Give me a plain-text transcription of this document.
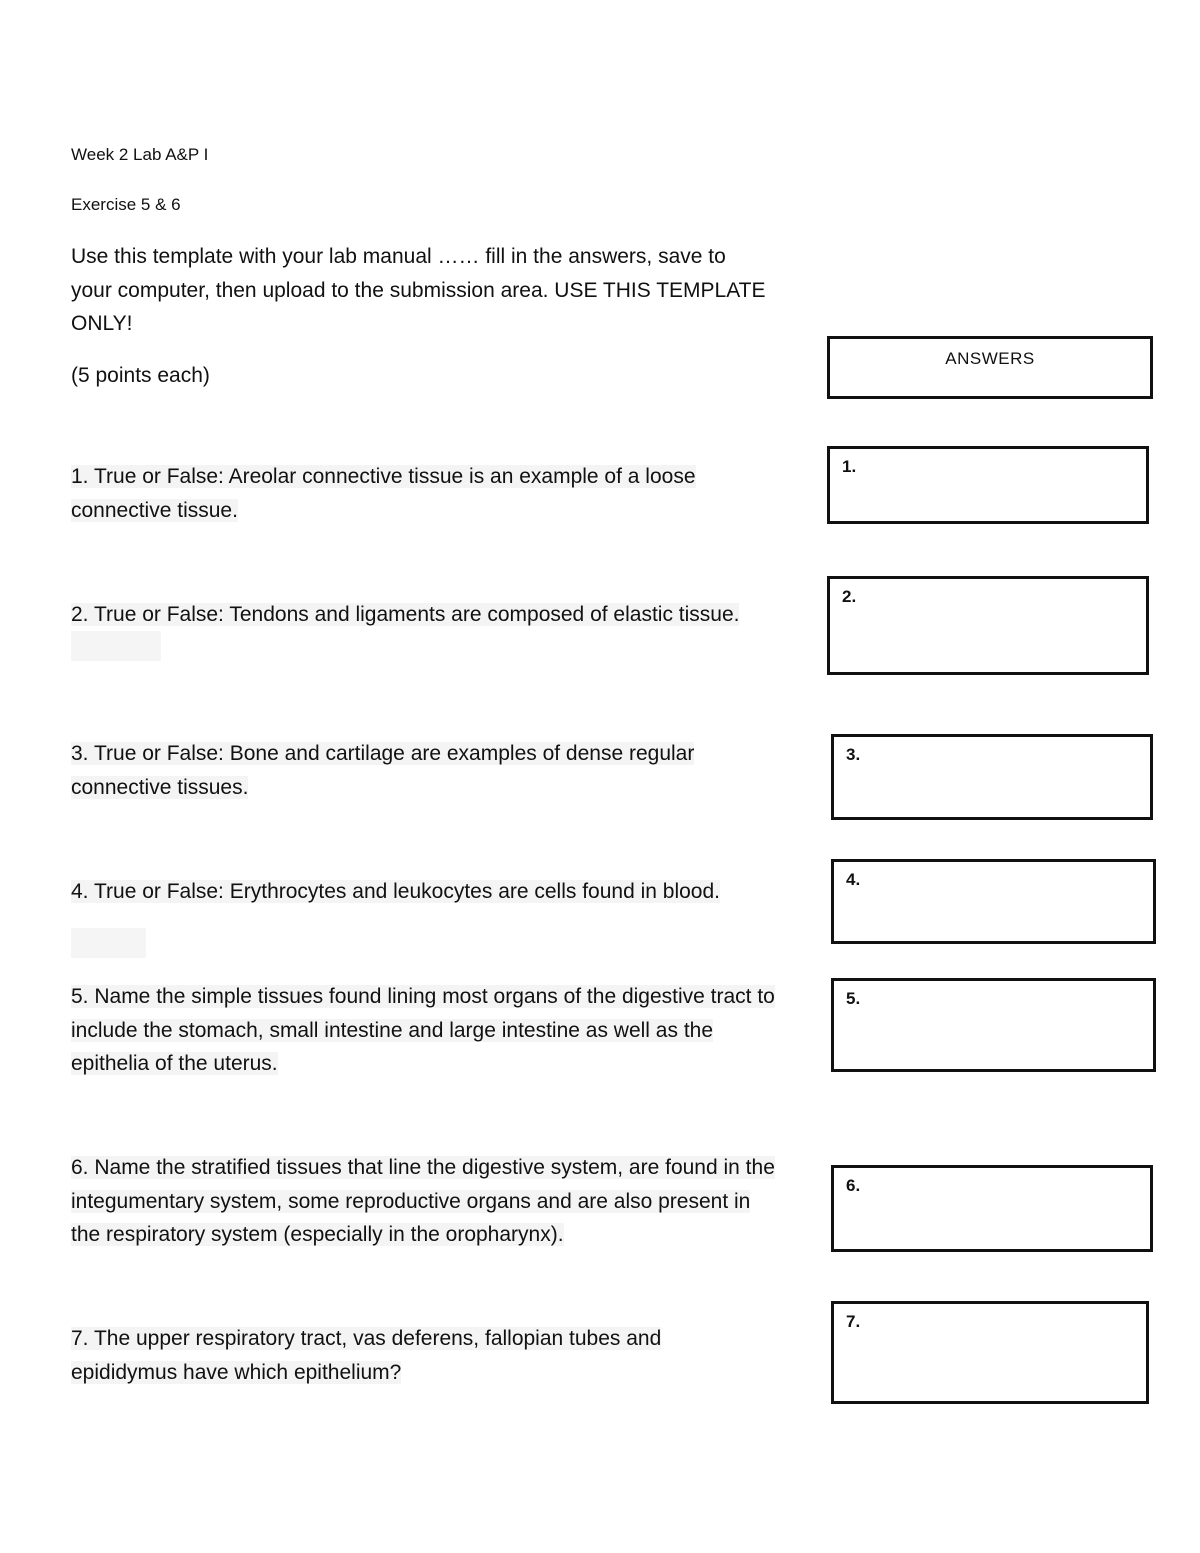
Week 2 Lab A&P I
Exercise 5 & 6
Use this template with your lab manual …… fill in the answers, save to your computer, then upload to the submission area. USE THIS TEMPLATE ONLY!
(5 points each)
ANSWERS
1. True or False: Areolar connective tissue is an example of a loose connective tissue.
1.
2. True or False: Tendons and ligaments are composed of elastic tissue.
2.
3. True or False: Bone and cartilage are examples of dense regular connective tissues.
3.
4. True or False: Erythrocytes and leukocytes are cells found in blood.
4.
5. Name the simple tissues found lining most organs of the digestive tract to include the stomach, small intestine and large intestine as well as the epithelia of the uterus.
5.
6. Name the stratified tissues that line the digestive system, are found in the integumentary system, some reproductive organs and are also present in the respiratory system (especially in the oropharynx).
6.
7. The upper respiratory tract, vas deferens, fallopian tubes and epididymus have which epithelium?
7.
